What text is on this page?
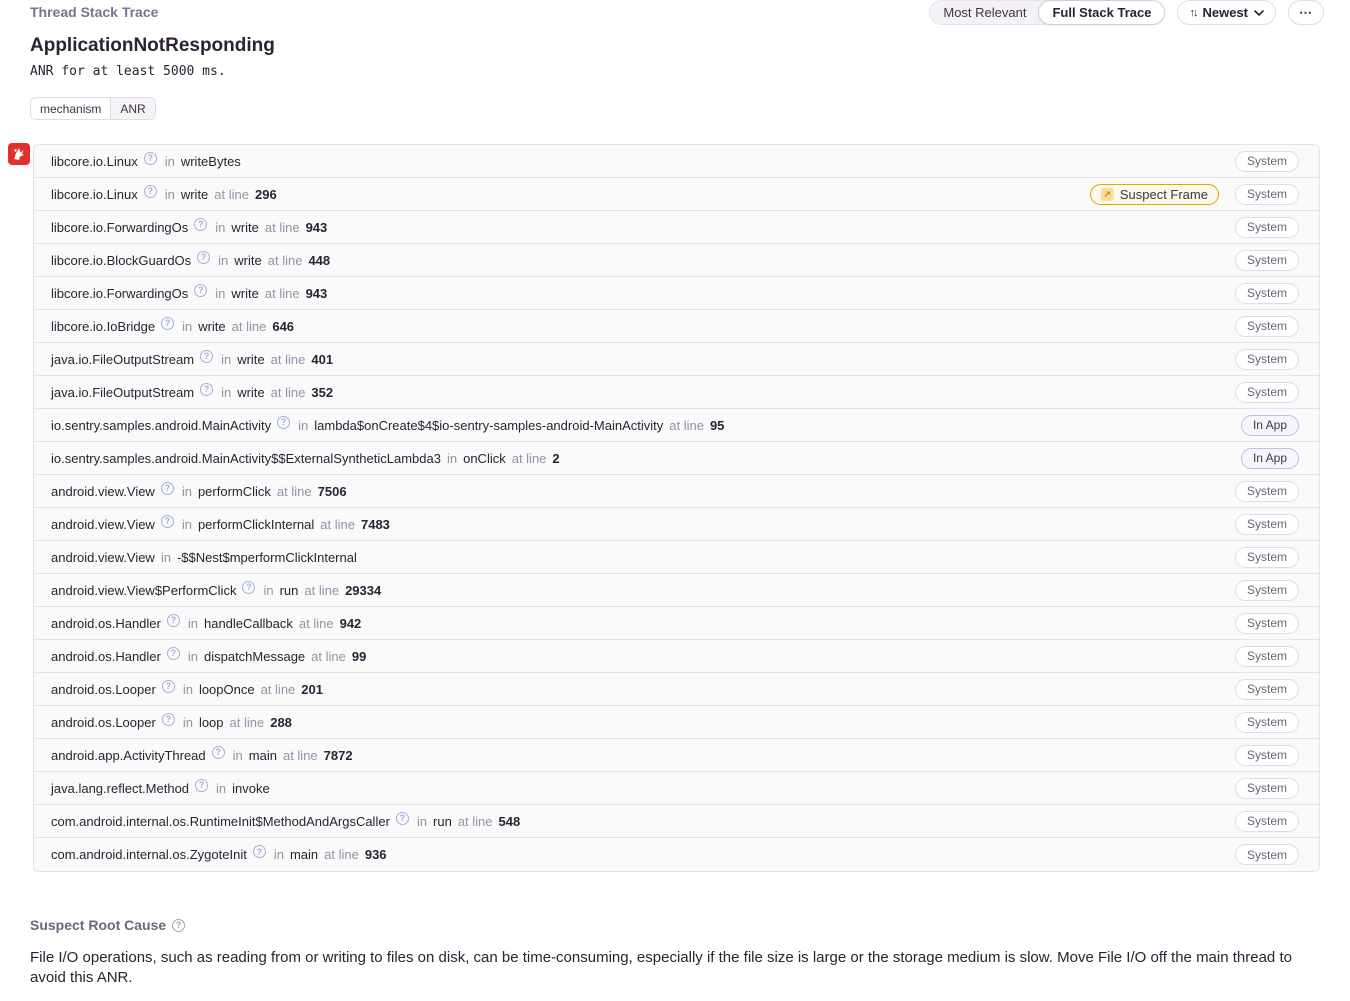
Thread Stack Trace	Most Relevant	Full Stack Trace	↑↓ Newest	⋯
ApplicationNotResponding
ANR for at least 5000 ms.
mechanism	ANR
libcore.io.Linux	? in writeBytes	System
libcore.io.Linux	? in write at line 296	↗ Suspect Frame	System
libcore.io.ForwardingOs	? in write at line 943	System
libcore.io.BlockGuardOs	? in write at line 448	System
libcore.io.ForwardingOs	? in write at line 943	System
libcore.io.IoBridge	? in write at line 646	System
java.io.FileOutputStream	? in write at line 401	System
java.io.FileOutputStream	? in write at line 352	System
io.sentry.samples.android.MainActivity	? in lambda$onCreate$4$io-sentry-samples-android-MainActivity at line 95	In App
io.sentry.samples.android.MainActivity$$ExternalSyntheticLambda3 in onClick at line 2	In App
android.view.View	? in performClick at line 7506	System
android.view.View	? in performClickInternal at line 7483	System
android.view.View in -$$Nest$mperformClickInternal	System
android.view.View$PerformClick	? in run at line 29334	System
android.os.Handler	? in handleCallback at line 942	System
android.os.Handler	? in dispatchMessage at line 99	System
android.os.Looper	? in loopOnce at line 201	System
android.os.Looper	? in loop at line 288	System
android.app.ActivityThread	? in main at line 7872	System
java.lang.reflect.Method	? in invoke	System
com.android.internal.os.RuntimeInit$MethodAndArgsCaller	? in run at line 548	System
com.android.internal.os.ZygoteInit	? in main at line 936	System
Suspect Root Cause	?
File I/O operations, such as reading from or writing to files on disk, can be time-consuming, especially if the file size is large or the storage medium is slow. Move File I/O off the main thread to avoid this ANR.
